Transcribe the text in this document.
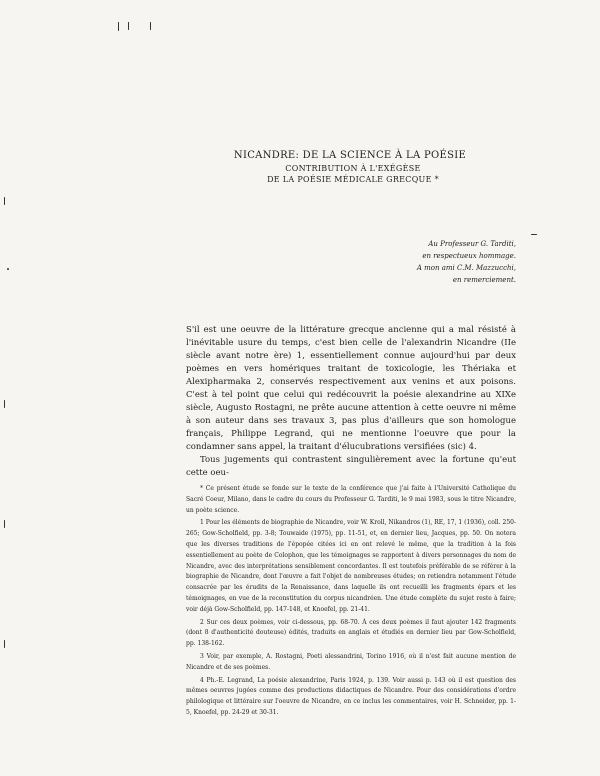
NICANDRE: DE LA SCIENCE À LA POÉSIE
CONTRIBUTION À L'EXÉGÈSE
DE LA POÉSIE MÉDICALE GRECQUE *
Au Professeur G. Tarditi,
en respectueux hommage.
A mon ami C.M. Mazzucchi,
en remerciement.

S'il est une oeuvre de la littérature grecque ancienne qui a mal résisté à l'inévitable usure du temps, c'est bien celle de l'alexandrin Nicandre (IIe siècle avant notre ère) 1, essentiellement connue aujourd'hui par deux poèmes en vers homériques traitant de toxicologie, les Thériaka et Alexipharmaka 2, conservés respectivement aux venins et aux poisons. C'est à tel point que celui qui redécouvrit la poésie alexandrine au XIXe siècle, Augusto Rostagni, ne prête aucune attention à cette oeuvre ni même à son auteur dans ses travaux 3, pas plus d'ailleurs que son homologue français, Philippe Legrand, qui ne mentionne l'oeuvre que pour la condamner sans appel, la traitant d'élucubrations versifiées (sic) 4.

Tous jugements qui contrastent singulièrement avec la fortune qu'eut cette oeu-

* Ce présent étude se fonde sur le texte de la conférence que j'ai faite à l'Université Catholique du Sacré Coeur, Milano, dans le cadre du cours du Professeur G. Tarditi, le 9 mai 1983, sous le titre Nicandre, un poète science.

1 Pour les éléments de biographie de Nicandre, voir W. Kroll, Nikandros (1), RE, 17, 1 (1936), coll. 250-265; Gow-Scholfield, pp. 3-8; Touwaide (1975), pp. 11-51, et, en dernier lieu, Jacques, pp. 50. On notera que les diverses traditions de l'épopée citées ici en ont relevé le même, que la tradition à la fois essentiellement au poète de Colophon, que les témoignages se rapportent à divers personnages du nom de Nicandre, avec des interprétations sensiblement concordantes. Il est toutefois préférable de se référer à la biographie de Nicandre, dont l'œuvre a fait l'objet de nombreuses études; on retiendra notamment l'étude consacrée par les érudits de la Renaissance, dans laquelle ils ont recueilli les fragments épars et les témoignages, en vue de la reconstitution du corpus nicandréen. Une étude complète du sujet reste à faire; voir déjà Gow-Scholfield, pp. 147-148, et Knoefel, pp. 21-41.

2 Sur ces deux poèmes, voir ci-dessous, pp. 68-70. À ces deux poèmes il faut ajouter 142 fragments (dont 8 d'authenticité douteuse) édités, traduits en anglais et étudiés en dernier lieu par Gow-Scholfield, pp. 138-162.

3 Voir, par exemple, A. Rostagni, Poeti alessandrini, Torino 1916, où il n'est fait aucune mention de Nicandre et de ses poèmes.

4 Ph.-E. Legrand, La poésie alexandrine, Paris 1924, p. 139. Voir aussi p. 143 où il est question des mêmes oeuvres jugées comme des productions didactiques de Nicandre. Pour des considérations d'ordre philologique et littéraire sur l'oeuvre de Nicandre, en ce inclus les commentaires, voir H. Schneider, pp. 1-5, Knoefel, pp. 24-29 et 30-31.
